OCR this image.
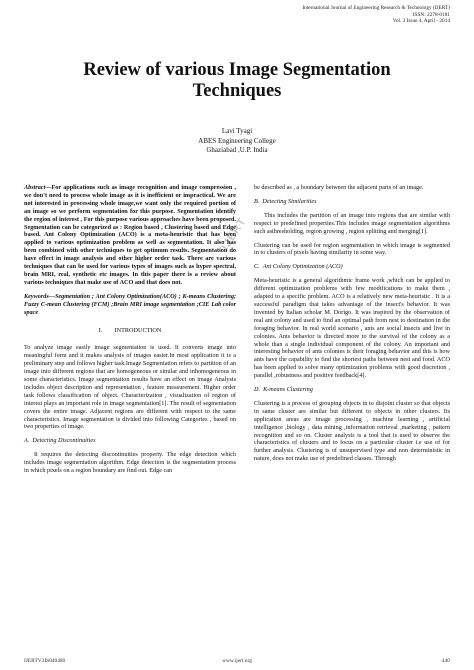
International Journal of Engineering Research & Technology (IJERT)
ISSN: 2278-0181
Vol. 3 Issue 4, April - 2014
Review of various Image Segmentation
Techniques
Lavi Tyagi
ABES Engineering College
Ghaziabad ,U.P. India
IJERT

Abstract—For applications such as image recognition and image compression , we don't need to process whole image as it is inefficient or impractical. We are not interested in processing whole image,we want only the required portion of an image so we perform segmentation for this purpose. Segmentation identify the region of interest , For this purpose various approaches have been proposed. Segmentation can be categorized as : Region based , Clustering based and Edge based. Ant Colony Optimization (ACO) is a meta-heuristic that has been applied to various optimization problem as well as segmentation. It also has been combined with other techniques to get optimum results. Segmentation do have effect in image analysis and other higher order task. There are various techniques that can be used for various types of images such as hyper spectral, brain MRI, real, synthetic etc images. In this paper there is a review about various techniques that make use of ACO and that does not.

Keywords—Segmentation ; Ant Colony Optimization(ACO) ; K-means Clustering; Fuzzy C-mean Clustering (FCM) ;Brain MRI image segmentation ;CIE Lab color space

I.        INTRODUCTION

To analyze image easily image segmentation is used. It converts image into meaningful form and it makes analysis of images easier.In most application it is a preliminary step and follows higher task.Image Segmentation refers to partition of an image into different regions that are homogeneous or similar and inhomogeneous in some characteristics. Image segmentation results have an effect on image Analysis includes object description and representation , feature measurement. Higher order task follows classification of object. Characterization , visualization of region of interest plays an important role in image segmentation[1]. The result of segmentation covers the entire image. Adjacent regions are different with respect to the same characteristics. Image segmentation is divided into following Categories , based on two properties of image.

A.  Detecting Discontinuities

It requires the detecting discontinuities property. The edge detection which includes image segmentation algorithm. Edge detection is the segmentation process in which pixels on a region boundary are find out. Edge can

be described as , a boundary between the adjacent parts of an image.

B.  Detecting Similarities

This includes the partition of an image into regions that are similar with respect to predefined properties.This includes image segmentation algorithms such asthresholding, region growing , region splitting and merging[1].

Clustering can be used for region segmentation in which image is segmented in to clusters of pixels having similarity in some way.

C.  Ant Colony Optimization (ACO)

Meta-heuristic is a general algorithmic frame work ,which can be applied to different optimization problems with few modifications to make them , adapted to a specific problem. ACO is a relatively new meta-heuristic . It is a successful paradigm that takes advantage of the insect's behavior. It was invented by Italian scholar M. Dorigo. It was inspired by the observation of real ant colony and used to find an optimal path from nest to destination in the foraging behavior. In real world scenario , ants are social insects and live in colonies. Ants behavior is directed more to the survival of the colony as a whole than a single individual component of the colony. An important and interesting behavior of ants colonies is their foraging behavior and this is how ants have the capability to find the shortest paths between nest and food. ACO has been applied to solve many optimization problems with good discretion , parallel ,robustness and positive feedback[4].

D.  K-means Clustering

Clustering is a process of grouping objects in to disjoint cluster so that objects in same cluster are similar but different to objects in other clusters. Its application areas are image processing , machine learning , artificial intelligence ,biology , data mining ,information retrieval ,marketing , pattern recognition and so on. Cluster analysis is a tool that is used to observe the characteristics of clusters and to focus on a particular cluster i.e use of for further analysis. Clustering is of unsupervised type and non deterministic in nature, does not make use of predefined classes. Through

IJERTV3IS040480	www.ijert.org	440
